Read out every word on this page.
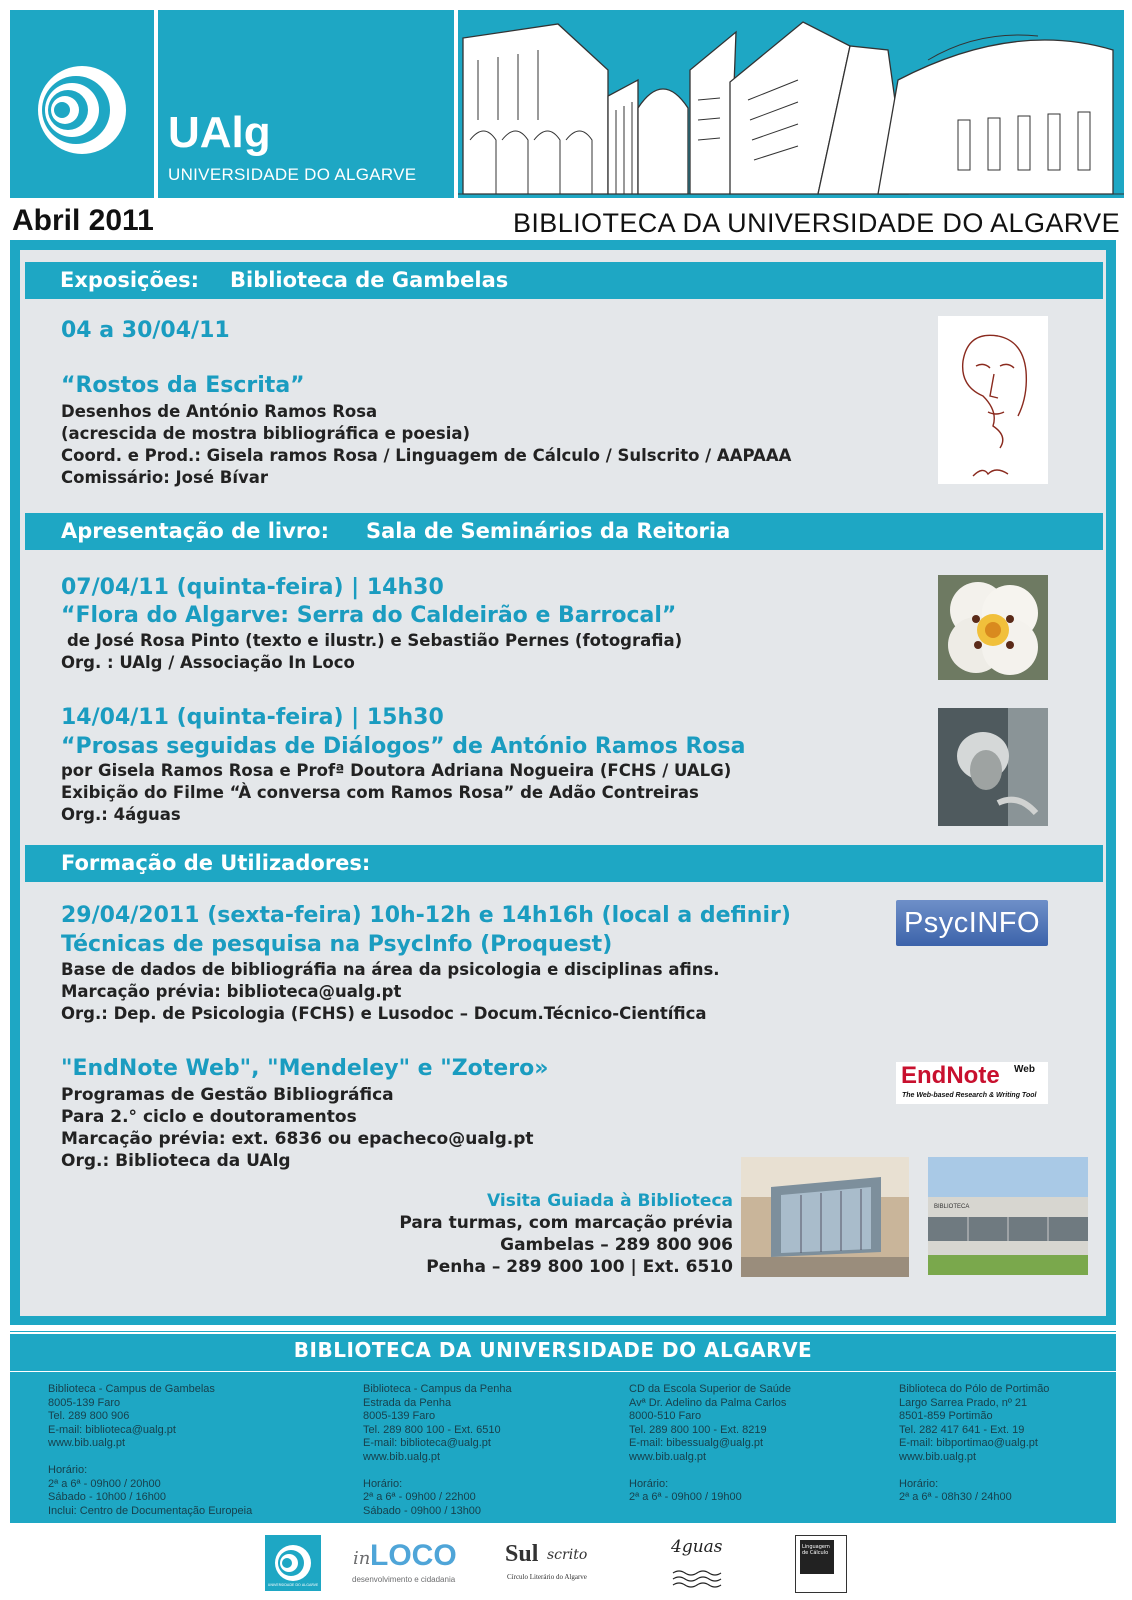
UAlg
UNIVERSIDADE DO ALGARVE
Abril 2011	BIBLIOTECA DA UNIVERSIDADE DO ALGARVE
Exposições: Biblioteca de Gambelas
04 a 30/04/11
“Rostos da Escrita”
Desenhos de António Ramos Rosa
(acrescida de mostra bibliográfica e poesia)
Coord. e Prod.: Gisela ramos Rosa / Linguagem de Cálculo / Sulscrito / AAPAAA
Comissário: José Bívar
Apresentação de livro: Sala de Seminários da Reitoria
07/04/11 (quinta-feira) | 14h30
“Flora do Algarve: Serra do Caldeirão e Barrocal”
de José Rosa Pinto (texto e ilustr.) e Sebastião Pernes (fotografia)
Org. : UAlg / Associação In Loco
14/04/11 (quinta-feira) | 15h30
“Prosas seguidas de Diálogos” de António Ramos Rosa
por Gisela Ramos Rosa e Profª Doutora Adriana Nogueira (FCHS / UALG)
Exibição do Filme “À conversa com Ramos Rosa” de Adão Contreiras
Org.: 4águas
Formação de Utilizadores:
29/04/2011 (sexta-feira) 10h-12h e 14h16h (local a definir)
Técnicas de pesquisa na PsycInfo (Proquest)
Base de dados de bibliográfia na área da psicologia e disciplinas afins.
Marcação prévia: biblioteca@ualg.pt
Org.: Dep. de Psicologia (FCHS) e Lusodoc – Docum.Técnico-Científica
PsycINFO
"EndNote Web", "Mendeley" e "Zotero»
Programas de Gestão Bibliográfica
Para 2.° ciclo e doutoramentos
Marcação prévia: ext. 6836 ou epacheco@ualg.pt
Org.: Biblioteca da UAlg
EndNote Web
The Web-based Research & Writing Tool
Visita Guiada à Biblioteca
Para turmas, com marcação prévia
Gambelas – 289 800 906
Penha – 289 800 100 | Ext. 6510
BIBLIOTECA
BIBLIOTECA DA UNIVERSIDADE DO ALGARVE
Biblioteca - Campus de Gambelas
8005-139 Faro
Tel. 289 800 906
E-mail: biblioteca@ualg.pt
www.bib.ualg.pt

Horário:
2ª a 6ª - 09h00 / 20h00
Sábado - 10h00 / 16h00
Inclui: Centro de Documentação Europeia
Biblioteca - Campus da Penha
Estrada da Penha
8005-139 Faro
Tel. 289 800 100 - Ext. 6510
E-mail: biblioteca@ualg.pt
www.bib.ualg.pt

Horário:
2ª a 6ª - 09h00 / 22h00
Sábado - 09h00 / 13h00
CD da Escola Superior de Saúde
Avª Dr. Adelino da Palma Carlos
8000-510 Faro
Tel. 289 800 100 - Ext. 8219
E-mail: bibessualg@ualg.pt
www.bib.ualg.pt

Horário:
2ª a 6ª - 09h00 / 19h00
Biblioteca do Pólo de Portimão
Largo Sarrea Prado, nº 21
8501-859 Portimão
Tel. 282 417 641 - Ext. 19
E-mail: bibportimao@ualg.pt
www.bib.ualg.pt

Horário:
2ª a 6ª - 08h30 / 24h00
UNIVERSIDADE DO ALGARVE
in LOCO
desenvolvimento e cidadania
Sul scrito
Círculo Literário do Algarve
4guas	Linguagem de Cálculo
